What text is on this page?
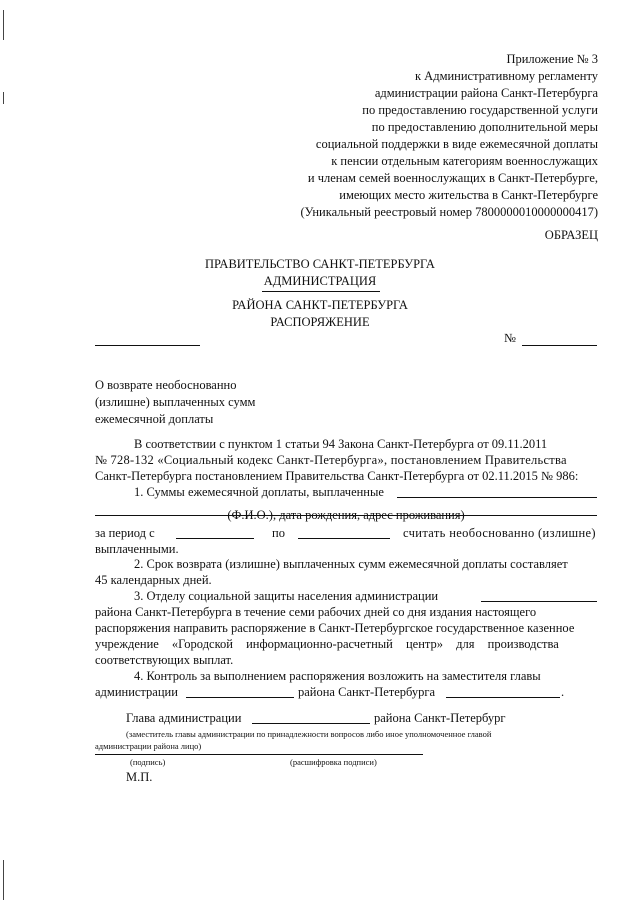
Приложение № 3
к Административному регламенту
администрации района Санкт-Петербурга
по предоставлению государственной услуги
по предоставлению дополнительной меры
социальной поддержки в виде ежемесячной доплаты
к пенсии отдельным категориям военнослужащих
и членам семей военнослужащих в Санкт-Петербурге,
имеющих место жительства в Санкт-Петербурге
(Уникальный реестровый номер 7800000010000000417)
ОБРАЗЕЦ
ПРАВИТЕЛЬСТВО САНКТ-ПЕТЕРБУРГА
АДМИНИСТРАЦИЯ
РАЙОНА САНКТ-ПЕТЕРБУРГА
РАСПОРЯЖЕНИЕ
№
О возврате необоснованно
(излишне) выплаченных сумм
ежемесячной доплаты
В соответствии с пунктом 1 статьи 94 Закона Санкт-Петербурга от 09.11.2011
№ 728-132 «Социальный кодекс Санкт-Петербурга», постановлением Правительства
Санкт-Петербурга постановлением Правительства Санкт-Петербурга от 02.11.2015 № 986:
1. Суммы ежемесячной доплаты, выплаченные
(Ф.И.О.), дата рождения, адрес проживания)
за период с	по	считать необоснованно (излишне)
выплаченными.
2. Срок возврата (излишне) выплаченных сумм ежемесячной доплаты составляет
45 календарных дней.
3. Отделу социальной защиты населения администрации
района Санкт-Петербурга в течение семи рабочих дней со дня издания настоящего
распоряжения направить распоряжение в Санкт-Петербургское государственное казенное
учреждение «Городской информационно-расчетный центр» для производства
соответствующих выплат.
4. Контроль за выполнением распоряжения возложить на заместителя главы
администрации	района Санкт-Петербурга	.
Глава администрации	района Санкт-Петербург
(заместитель главы администрации по принадлежности вопросов либо иное уполномоченное главой
администрации района лицо)
(подпись)	(расшифровка подписи)
М.П.
